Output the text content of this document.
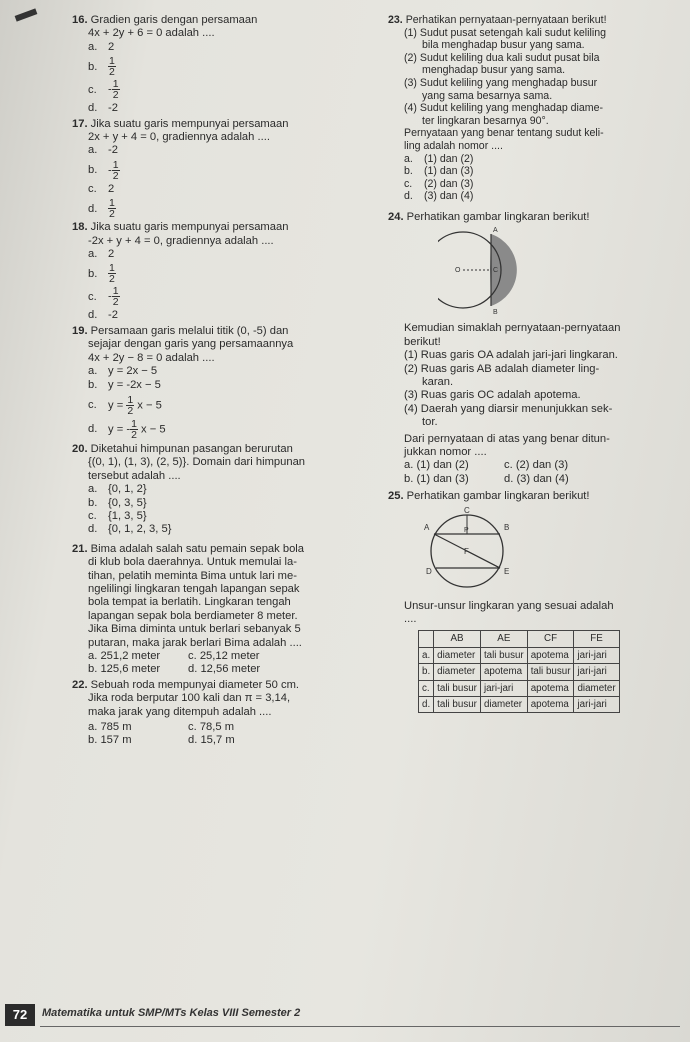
16. Gradien garis dengan persamaan
4x + 2y + 6 = 0 adalah ....
a. 2
b. $\frac{1}{2}$
c. - $\frac{1}{2}$
d. -2
17. Jika suatu garis mempunyai persamaan
2x + y + 4 = 0, gradiennya adalah ....
a. -2
b. - $\frac{1}{2}$
c. 2
d. $\frac{1}{2}$
18. Jika suatu garis mempunyai persamaan
-2x + y + 4 = 0, gradiennya adalah ....
a. 2
b. $\frac{1}{2}$
c. - $\frac{1}{2}$
d. -2
19. Persamaan garis melalui titik (0, -5) dan
sejajar dengan garis yang persamaannya
4x + 2y − 8 = 0 adalah ....
a. y = 2x − 5
b. y = -2x − 5
c. $y = \frac{1}{2}$ x − 5
d. y = - $\frac{1}{2}$ x − 5
20. Diketahui himpunan pasangan berurutan
{(0, 1), (1, 3), (2, 5)}. Domain dari himpunan
tersebut adalah ....
a. {0, 1, 2}
b. {0, 3, 5}
c. {1, 3, 5}
d. {0, 1, 2, 3, 5}
21. Bima adalah salah satu pemain sepak bola
di klub bola daerahnya. Untuk memulai la-
tihan, pelatih meminta Bima untuk lari me-
ngelilingi lingkaran tengah lapangan sepak
bola tempat ia berlatih. Lingkaran tengah
lapangan sepak bola berdiameter 8 meter.
Jika Bima diminta untuk berlari sebanyak 5
putaran, maka jarak berlari Bima adalah ....
a. 251,2 meter	c. 25,12 meter
b. 125,6 meter	d. 12,56 meter
22. Sebuah roda mempunyai diameter 50 cm.
Jika roda berputar 100 kali dan π = 3,14,
maka jarak yang ditempuh adalah ....
a. 785 m	c. 78,5 m
b. 157 m	d. 15,7 m
23. Perhatikan pernyataan-pernyataan berikut!
(1) Sudut pusat setengah kali sudut keliling
bila menghadap busur yang sama.
(2) Sudut keliling dua kali sudut pusat bila
menghadap busur yang sama.
(3) Sudut keliling yang menghadap busur
yang sama besarnya sama.
(4) Sudut keliling yang menghadap diame-
ter lingkaran besarnya 90°.
Pernyataan yang benar tentang sudut keli-
ling adalah nomor ....
a. (1) dan (2)
b. (1) dan (3)
c. (2) dan (3)
d. (3) dan (4)
24. Perhatikan gambar lingkaran berikut!
A
O	C
B
Kemudian simaklah pernyataan-pernyataan
berikut!
(1) Ruas garis OA adalah jari-jari lingkaran.
(2) Ruas garis AB adalah diameter ling-
karan.
(3) Ruas garis OC adalah apotema.
(4) Daerah yang diarsir menunjukkan sek-
tor.
Dari pernyataan di atas yang benar ditun-
jukkan nomor ....
a. (1) dan (2)	c. (2) dan (3)
b. (1) dan (3)	d. (3) dan (4)
25. Perhatikan gambar lingkaran berikut!
A
C
B
P
F
D	E
Unsur-unsur lingkaran yang sesuai adalah
....
	AB	AE	CF	FE
a.	diameter	tali busur	apotema	jari-jari
b.	diameter	apotema	tali busur	jari-jari
c.	tali busur	jari-jari	apotema	diameter
d.	tali busur	diameter	apotema	jari-jari
72	Matematika untuk SMP/MTs Kelas VIII Semester 2
